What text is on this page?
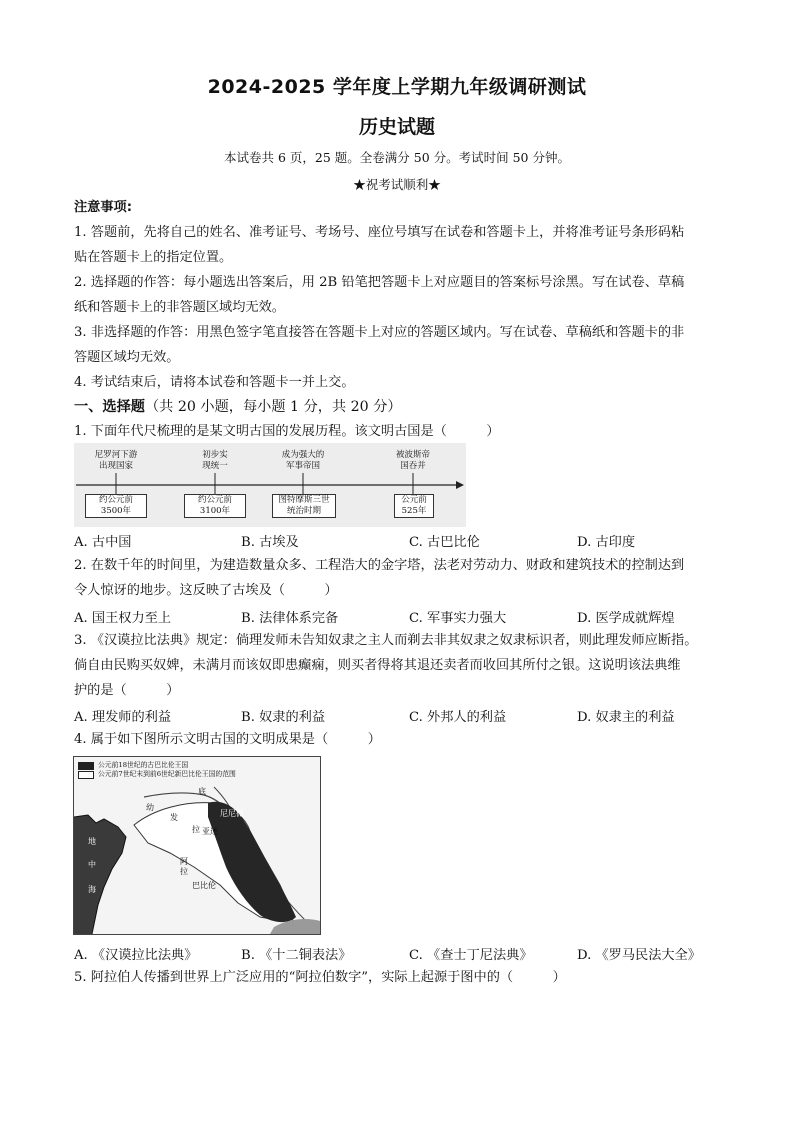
2024-2025 学年度上学期九年级调研测试
历史试题
本试卷共 6 页，25 题。全卷满分 50 分。考试时间 50 分钟。
★祝考试顺利★
注意事项:
1. 答题前，先将自己的姓名、准考证号、考场号、座位号填写在试卷和答题卡上，并将准考证号条形码粘
贴在答题卡上的指定位置。
2. 选择题的作答：每小题选出答案后，用 2B 铅笔把答题卡上对应题目的答案标号涂黑。写在试卷、草稿
纸和答题卡上的非答题区域均无效。
3. 非选择题的作答：用黑色签字笔直接答在答题卡上对应的答题区域内。写在试卷、草稿纸和答题卡的非
答题区域均无效。
4. 考试结束后，请将本试卷和答题卡一并上交。
一、选择题（共 20 小题，每小题 1 分，共 20 分）
1. 下面年代尺梳理的是某文明古国的发展历程。该文明古国是（　　　）
尼罗河下游
出现国家
初步实
现统一
成为强大的
军事帝国
被波斯帝
国吞并
约公元前
3500年
约公元前
3100年
图特摩斯三世
统治时期
公元前
525年
A. 古中国	B. 古埃及	C. 古巴比伦	D. 古印度
2. 在数千年的时间里，为建造数量众多、工程浩大的金字塔，法老对劳动力、财政和建筑技术的控制达到
令人惊讶的地步。这反映了古埃及（　　　）
A. 国王权力至上	B. 法律体系完备	C. 军事实力强大	D. 医学成就辉煌
3. 《汉谟拉比法典》规定：倘理发师未告知奴隶之主人而剃去非其奴隶之奴隶标识者，则此理发师应断指。
倘自由民购买奴婢，未满月而该奴即患癫痫，则买者得将其退还卖者而收回其所付之银。这说明该法典维
护的是（　　　）
A. 理发师的利益	B. 奴隶的利益	C. 外邦人的利益	D. 奴隶主的利益
4. 属于如下图所示文明古国的文明成果是（　　　）
公元前18世纪的古巴比伦王国
公元前7世纪末到前6世纪新巴比伦王国的范围
地
中
海
幼
发
拉
底
尼尼微
亚述
阿
拉
巴比伦
A. 《汉谟拉比法典》	B. 《十二铜表法》	C. 《查士丁尼法典》	D. 《罗马民法大全》
5. 阿拉伯人传播到世界上广泛应用的“阿拉伯数字”，实际上起源于图中的（　　　）
